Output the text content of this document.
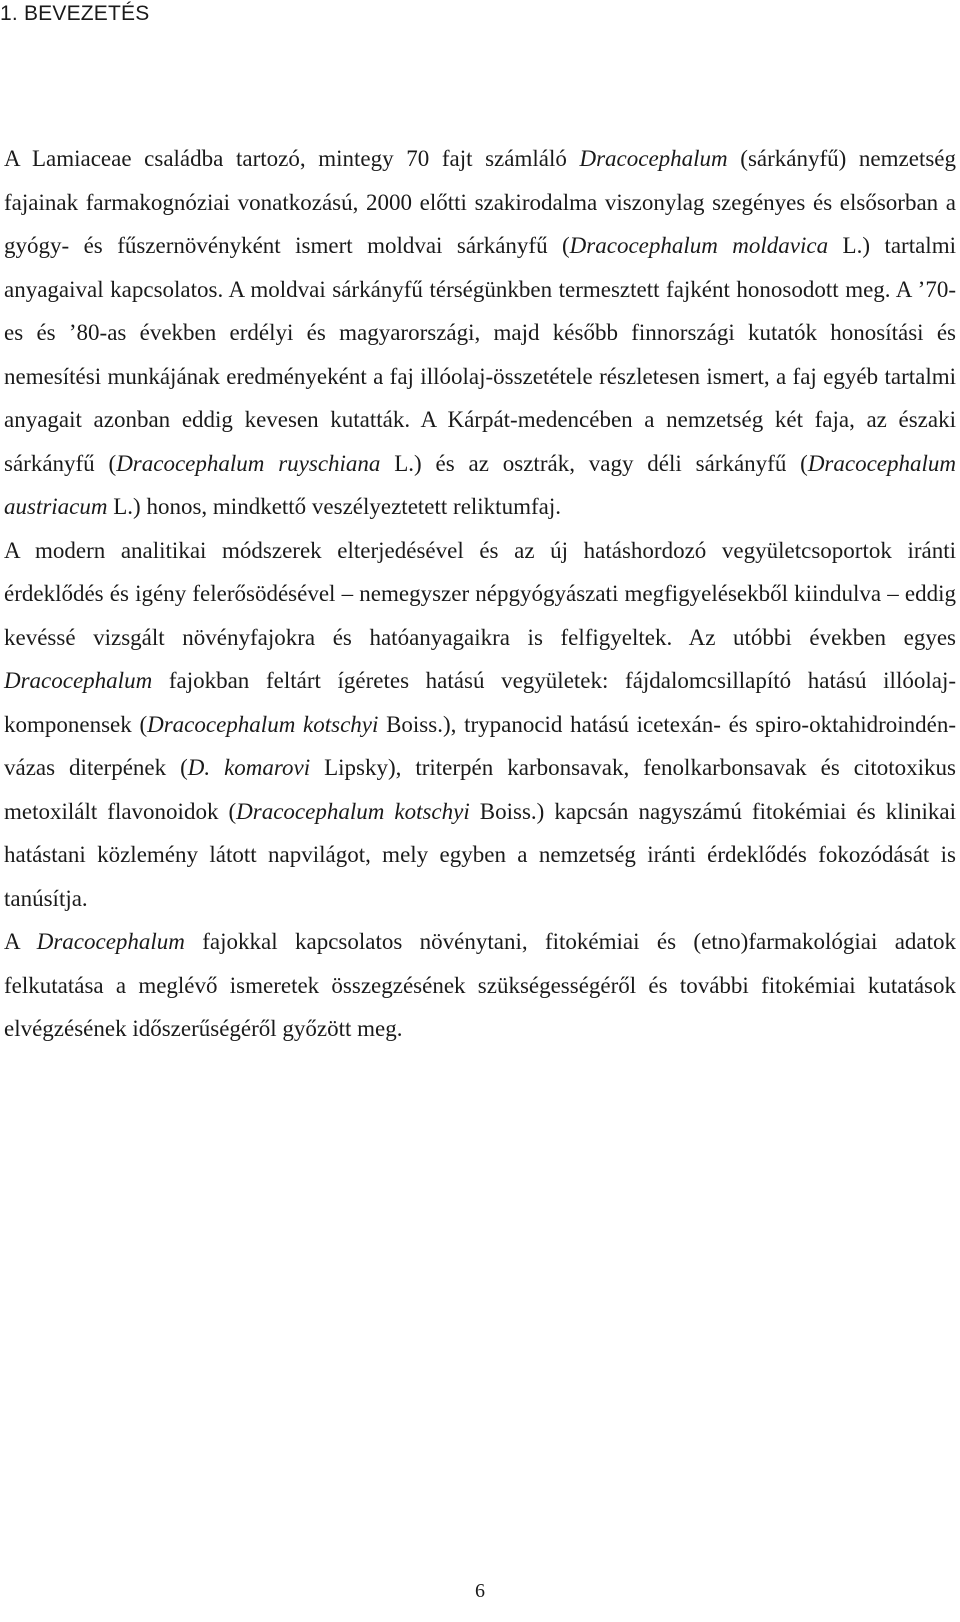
1. BEVEZETÉS

A Lamiaceae családba tartozó, mintegy 70 fajt számláló Dracocephalum (sárkányfű) nemzetség fajainak farmakognóziai vonatkozású, 2000 előtti szakirodalma viszonylag szegényes és elsősorban a gyógy- és fűszernövényként ismert moldvai sárkányfű (Dracocephalum moldavica L.) tartalmi anyagaival kapcsolatos. A moldvai sárkányfű térségünkben termesztett fajként honosodott meg. A ’70-es és ’80-as években erdélyi és magyarországi, majd később finnországi kutatók honosítási és nemesítési munkájának eredményeként a faj illóolaj-összetétele részletesen ismert, a faj egyéb tartalmi anyagait azonban eddig kevesen kutatták. A Kárpát-medencében a nemzetség két faja, az északi sárkányfű (Dracocephalum ruyschiana L.) és az osztrák, vagy déli sárkányfű (Dracocephalum austriacum L.) honos, mindkettő veszélyeztetett reliktumfaj.

A modern analitikai módszerek elterjedésével és az új hatáshordozó vegyületcsoportok iránti érdeklődés és igény felerősödésével – nemegyszer népgyógyászati megfigyelésekből kiindulva – eddig kevéssé vizsgált növényfajokra és hatóanyagaikra is felfigyeltek. Az utóbbi években egyes Dracocephalum fajokban feltárt ígéretes hatású vegyületek: fájdalomcsillapító hatású illóolaj-komponensek (Dracocephalum kotschyi Boiss.), trypanocid hatású icetexán- és spiro-oktahidroindén-vázas diterpének (D. komarovi Lipsky), triterpén karbonsavak, fenolkarbonsavak és citotoxikus metoxilált flavonoidok (Dracocephalum kotschyi Boiss.) kapcsán nagyszámú fitokémiai és klinikai hatástani közlemény látott napvilágot, mely egyben a nemzetség iránti érdeklődés fokozódását is tanúsítja.

A Dracocephalum fajokkal kapcsolatos növénytani, fitokémiai és (etno)farmakológiai adatok felkutatása a meglévő ismeretek összegzésének szükségességéről és további fitokémiai kutatások elvégzésének időszerűségéről győzött meg.

6
